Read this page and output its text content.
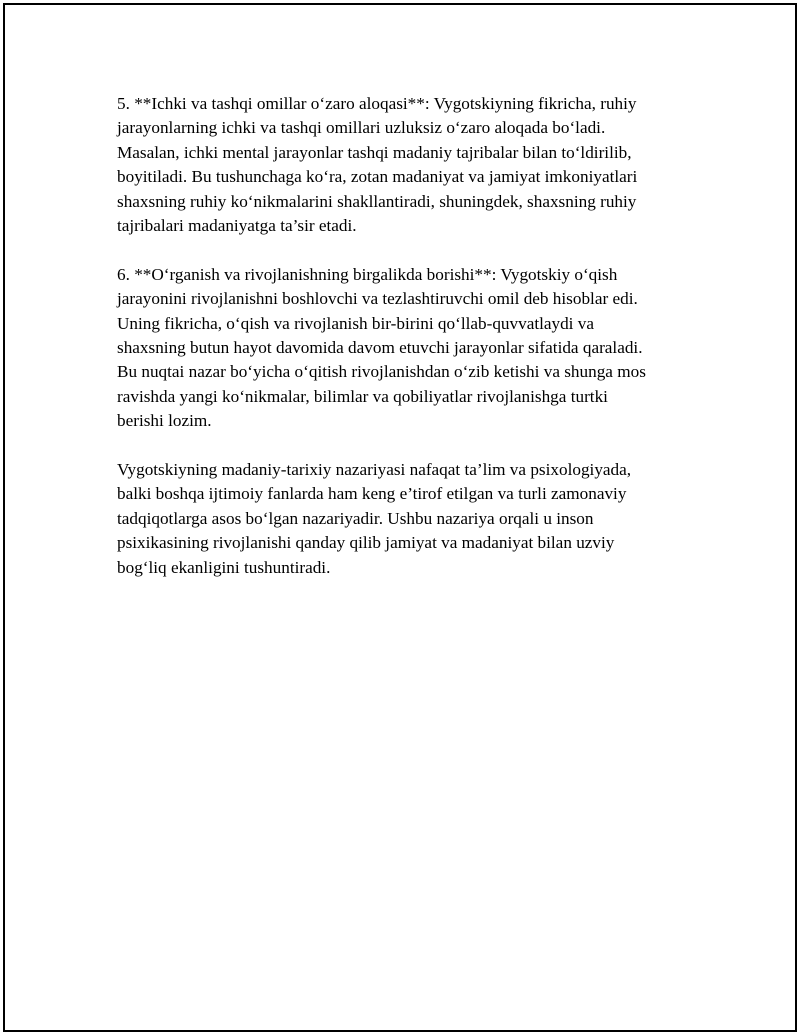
5. **Ichki va tashqi omillar o‘zaro aloqasi**: Vygotskiyning fikricha, ruhiy
jarayonlarning ichki va tashqi omillari uzluksiz o‘zaro aloqada bo‘ladi.
Masalan, ichki mental jarayonlar tashqi madaniy tajribalar bilan to‘ldirilib,
boyitiladi. Bu tushunchaga ko‘ra, zotan madaniyat va jamiyat imkoniyatlari
shaxsning ruhiy ko‘nikmalarini shakllantiradi, shuningdek, shaxsning ruhiy
tajribalari madaniyatga ta’sir etadi.

6. **O‘rganish va rivojlanishning birgalikda borishi**: Vygotskiy o‘qish
jarayonini rivojlanishni boshlovchi va tezlashtiruvchi omil deb hisoblar edi.
Uning fikricha, o‘qish va rivojlanish bir-birini qo‘llab-quvvatlaydi va
shaxsning butun hayot davomida davom etuvchi jarayonlar sifatida qaraladi.
Bu nuqtai nazar bo‘yicha o‘qitish rivojlanishdan o‘zib ketishi va shunga mos
ravishda yangi ko‘nikmalar, bilimlar va qobiliyatlar rivojlanishga turtki
berishi lozim.

Vygotskiyning madaniy-tarixiy nazariyasi nafaqat ta’lim va psixologiyada,
balki boshqa ijtimoiy fanlarda ham keng e’tirof etilgan va turli zamonaviy
tadqiqotlarga asos bo‘lgan nazariyadir. Ushbu nazariya orqali u inson
psixikasining rivojlanishi qanday qilib jamiyat va madaniyat bilan uzviy
bog‘liq ekanligini tushuntiradi.
